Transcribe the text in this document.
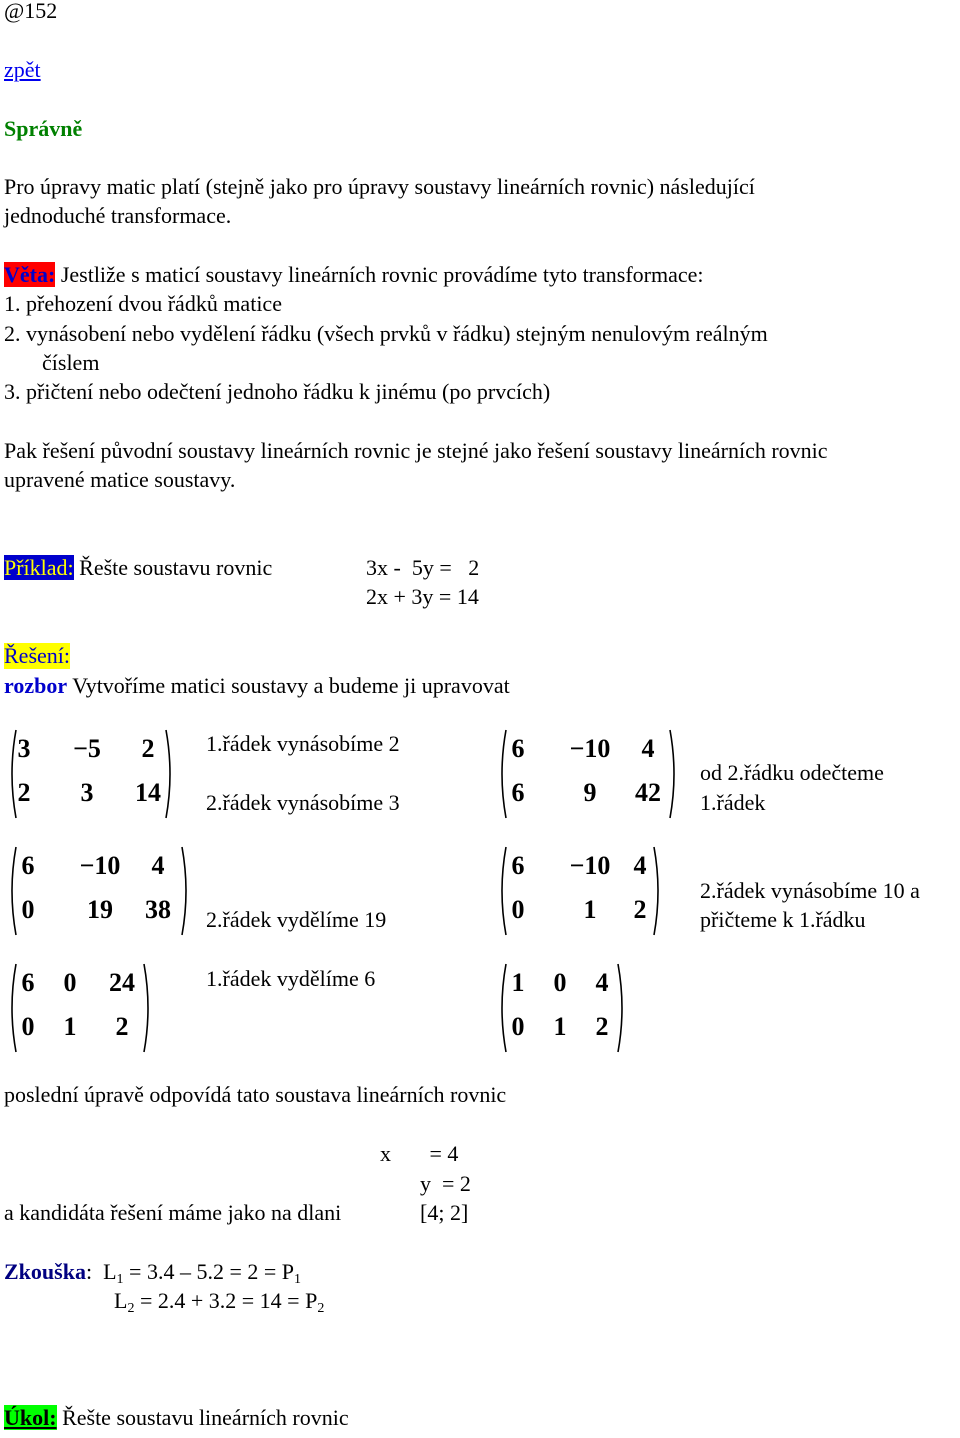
@152
zpět
Správně
Pro úpravy matic platí (stejně jako pro úpravy soustavy lineárních rovnic) následující
jednoduché transformace.
Věta: Jestliže s maticí soustavy lineárních rovnic provádíme tyto transformace:
1. přehození dvou řádků matice
2. vynásobení nebo vydělení řádku (všech prvků v řádku) stejným nenulovým reálným
číslem
3. přičtení nebo odečtení jednoho řádku k jinému (po prvcích)
Pak řešení původní soustavy lineárních rovnic je stejné jako řešení soustavy lineárních rovnic
upravené matice soustavy.
Příklad: Řešte soustavu rovnic	3x -  5y =   2
2x + 3y = 14
Řešení:
rozbor Vytvoříme matici soustavy a budeme ji upravovat
3	−5	2
2	3	14
6	−10	4
6	9	42
6	−10	4
0	19	38
6	−10 4
0	1	2
6	0	24
0	1	2
1	0	4
0	1	2
1.řádek vynásobíme 2
2.řádek vynásobíme 3
od 2.řádku odečteme
1.řádek
2.řádek vydělíme 19
2.řádek vynásobíme 10 a
přičteme k 1.řádku
1.řádek vydělíme 6
poslední úpravě odpovídá tato soustava lineárních rovnic
x       = 4
y  = 2
a kandidáta řešení máme jako na dlani	[4; 2]
Zkouška:  $L_1 = 3.4 - 5.2 = 2 = P_1$
$L_2 = 2.4 + 3.2 = 14 = P_2$
Úkol: Řešte soustavu lineárních rovnic
